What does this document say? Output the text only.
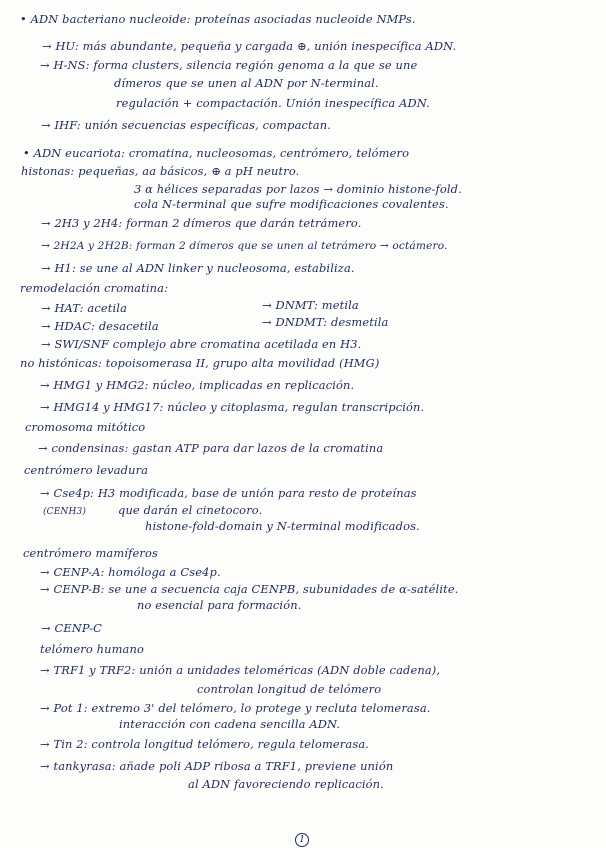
• ADN bacteriano nucleoide: proteínas asociadas nucleoide NMPs.
→ HU: más abundante, pequeña y cargada ⊕, unión inespecífica ADN.
→ H-NS: forma clusters, silencia región genoma a la que se une
dímeros que se unen al ADN por N-terminal.
regulación + compactación. Unión inespecífica ADN.
→ IHF: unión secuencias específicas, compactan.
• ADN eucariota: cromatina, nucleosomas, centrómero, telómero
histonas: pequeñas, aa básicos, ⊕ a pH neutro.
3 α hélices separadas por lazos → dominio histone-fold.
cola N-terminal que sufre modificaciones covalentes.
→ 2H3 y 2H4: forman 2 dímeros que darán tetrámero.
→ 2H2A y 2H2B: forman 2 dímeros que se unen al tetrámero → octámero.
→ H1: se une al ADN linker y nucleosoma, estabiliza.
remodelación cromatina:
→ HAT: acetila	→ DNMT: metila
→ HDAC: desacetila	→ DNDMT: desmetila
→ SWI/SNF complejo abre cromatina acetilada en H3.
no histónicas: topoisomerasa II, grupo alta movilidad (HMG)
→ HMG1 y HMG2: núcleo, implicadas en replicación.
→ HMG14 y HMG17: núcleo y citoplasma, regulan transcripción.
cromosoma mitótico
→ condensinas: gastan ATP para dar lazos de la cromatina
centrómero levadura
→ Cse4p: H3 modificada, base de unión para resto de proteínas
(CENH3)	que darán el cinetocoro.
histone-fold-domain y N-terminal modificados.
centrómero mamíferos
→ CENP-A: homóloga a Cse4p.
→ CENP-B: se une a secuencia caja CENPB, subunidades de α-satélite.
no esencial para formación.
→ CENP-C
telómero humano
→ TRF1 y TRF2: unión a unidades teloméricas (ADN doble cadena),
controlan longitud de telómero
→ Pot 1: extremo 3' del telómero, lo protege y recluta telomerasa.
interacción con cadena sencilla ADN.
→ Tin 2: controla longitud telómero, regula telomerasa.
→ tankyrasa: añade poli ADP ribosa a TRF1, previene unión
al ADN favoreciendo replicación.
1
